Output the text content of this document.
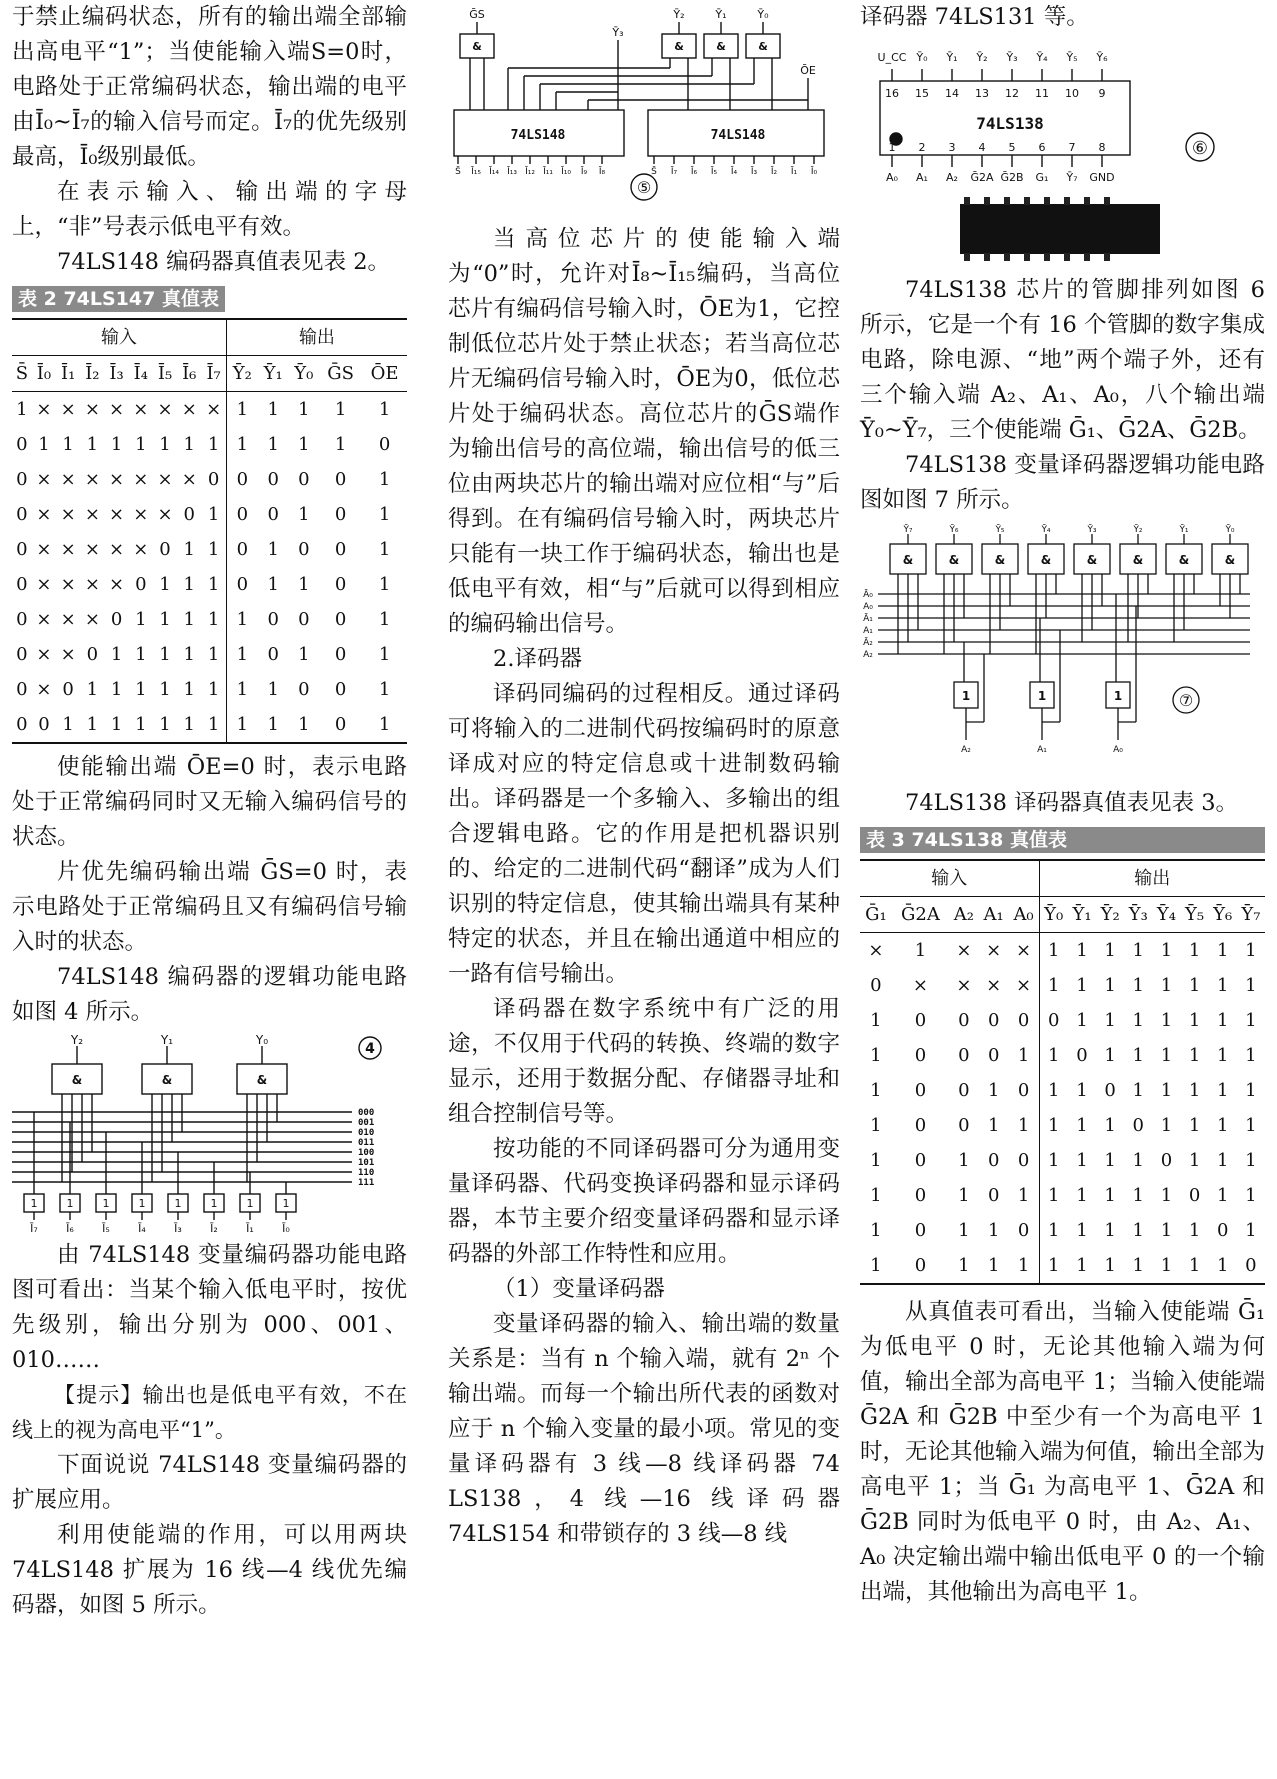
于禁止编码状态，所有的输出端全部输出高电平“1”；当使能输入端S=0时，电路处于正常编码状态，输出端的电平由Ī₀~Ī₇的输入信号而定。Ī₇的优先级别最高，Ī₀级别最低。

在表示输入、输出端的字母上，“非”号表示低电平有效。

74LS148 编码器真值表见表 2。

表 2 74LS147 真值表
输入									输出				
S̄	Ī₀	Ī₁	Ī₂	Ī₃	Ī₄	Ī₅	Ī₆	Ī₇	Ȳ₂	Ȳ₁	Ȳ₀	ḠS	ŌE
1	×	×	×	×	×	×	×	×	1	1	1	1	1
0	1	1	1	1	1	1	1	1	1	1	1	1	0
0	×	×	×	×	×	×	×	0	0	0	0	0	1
0	×	×	×	×	×	×	0	1	0	0	1	0	1
0	×	×	×	×	×	0	1	1	0	1	0	0	1
0	×	×	×	×	0	1	1	1	0	1	1	0	1
0	×	×	×	0	1	1	1	1	1	0	0	0	1
0	×	×	0	1	1	1	1	1	1	0	1	0	1
0	×	0	1	1	1	1	1	1	1	1	0	0	1
0	0	1	1	1	1	1	1	1	1	1	1	0	1

使能输出端 ŌE=0 时，表示电路处于正常编码同时又无输入编码信号的状态。

片优先编码输出端 ḠS=0 时，表示电路处于正常编码且又有编码信号输入时的状态。

74LS148 编码器的逻辑功能电路如图 4 所示。

Ȳ₂	Ȳ₁	Ȳ₀
&	&	&
4
000
001
010
011
100
101
110
111
1	1	1	1	1	1	1	1
Ī₇	Ī₆	Ī₅	Ī₄	Ī₃	Ī₂	Ī₁	Ī₀

由 74LS148 变量编码器功能电路图可看出：当某个输入低电平时，按优先级别，输出分别为 000、001、010……

【提示】输出也是低电平有效，不在线上的视为高电平“1”。

下面说说 74LS148 变量编码器的扩展应用。

利用使能端的作用，可以用两块 74LS148 扩展为 16 线—4 线优先编码器，如图 5 所示。

74LS148	74LS148
ḠS
Ȳ₃
Ȳ₂	Ȳ₁	Ȳ₀
ŌE
&	&	&	&
⑤
S̄ Ī₁₅ Ī₁₄ Ī₁₃ Ī₁₂ Ī₁₁ Ī₁₀ Ī₉ Ī₈	S̄ Ī₇ Ī₆ Ī₅ Ī₄ Ī₃ Ī₂ Ī₁ Ī₀

当高位芯片的使能输入端为“0”时，允许对Ī₈~Ī₁₅编码，当高位芯片有编码信号输入时，ŌE为1，它控制低位芯片处于禁止状态；若当高位芯片无编码信号输入时，ŌE为0，低位芯片处于编码状态。高位芯片的ḠS端作为输出信号的高位端，输出信号的低三位由两块芯片的输出端对应位相“与”后得到。在有编码信号输入时，两块芯片只能有一块工作于编码状态，输出也是低电平有效，相“与”后就可以得到相应的编码输出信号。

2.译码器

译码同编码的过程相反。通过译码可将输入的二进制代码按编码时的原意译成对应的特定信息或十进制数码输出。译码器是一个多输入、多输出的组合逻辑电路。它的作用是把机器识别的、给定的二进制代码“翻译”成为人们识别的特定信息，使其输出端具有某种特定的状态，并且在输出通道中相应的一路有信号输出。

译码器在数字系统中有广泛的用途，不仅用于代码的转换、终端的数字显示，还用于数据分配、存储器寻址和组合控制信号等。

按功能的不同译码器可分为通用变量译码器、代码变换译码器和显示译码器，本节主要介绍变量译码器和显示译码器的外部工作特性和应用。

（1）变量译码器

变量译码器的输入、输出端的数量关系是：当有 n 个输入端，就有 2ⁿ 个输出端。而每一个输出所代表的函数对应于 n 个输入变量的最小项。常见的变量译码器有 3 线—8 线译码器 74 LS138，4 线—16 线译码器 74LS154 和带锁存的 3 线—8 线

译码器 74LS131 等。

74LS138
U_CC Ȳ₀ Ȳ₁ Ȳ₂ Ȳ₃ Ȳ₄ Ȳ₅ Ȳ₆
16 15 14 13 12 11 10 9
1 2 3 4 5 6 7 8
A₀ A₁ A₂ Ḡ2A Ḡ2B G₁ Ȳ₇ GND
⑥

74LS138 芯片的管脚排列如图 6 所示，它是一个有 16 个管脚的数字集成电路，除电源、“地”两个端子外，还有三个输入端 A₂、A₁、A₀，八个输出端 Ȳ₀~Ȳ₇，三个使能端 Ḡ₁、Ḡ2A、Ḡ2B。

74LS138 变量译码器逻辑功能电路图如图 7 所示。

Ȳ₇	Ȳ₆	Ȳ₅	Ȳ₄	Ȳ₃	Ȳ₂	Ȳ₁	Ȳ₀
Ā₀
A₀
Ā₁
A₁
Ā₂
A₂
A₂	A₁	A₀
&	&	&	&	&	&	&	&
1	1	1	⑦

74LS138 译码器真值表见表 3。

表 3 74LS138 真值表
输入					输出							
Ḡ₁	Ḡ2A	A₂	A₁	A₀	Ȳ₀	Ȳ₁	Ȳ₂	Ȳ₃	Ȳ₄	Ȳ₅	Ȳ₆	Ȳ₇
×	1	×	×	×	1	1	1	1	1	1	1	1
0	×	×	×	×	1	1	1	1	1	1	1	1
1	0	0	0	0	0	1	1	1	1	1	1	1
1	0	0	0	1	1	0	1	1	1	1	1	1
1	0	0	1	0	1	1	0	1	1	1	1	1
1	0	0	1	1	1	1	1	0	1	1	1	1
1	0	1	0	0	1	1	1	1	0	1	1	1
1	0	1	0	1	1	1	1	1	1	0	1	1
1	0	1	1	0	1	1	1	1	1	1	0	1
1	0	1	1	1	1	1	1	1	1	1	1	0

从真值表可看出，当输入使能端 Ḡ₁ 为低电平 0 时，无论其他输入端为何值，输出全部为高电平 1；当输入使能端 Ḡ2A 和 Ḡ2B 中至少有一个为高电平 1 时，无论其他输入端为何值，输出全部为高电平 1；当 Ḡ₁ 为高电平 1、Ḡ2A 和 Ḡ2B 同时为低电平 0 时，由 A₂、A₁、A₀ 决定输出端中输出低电平 0 的一个输出端，其他输出为高电平 1。
